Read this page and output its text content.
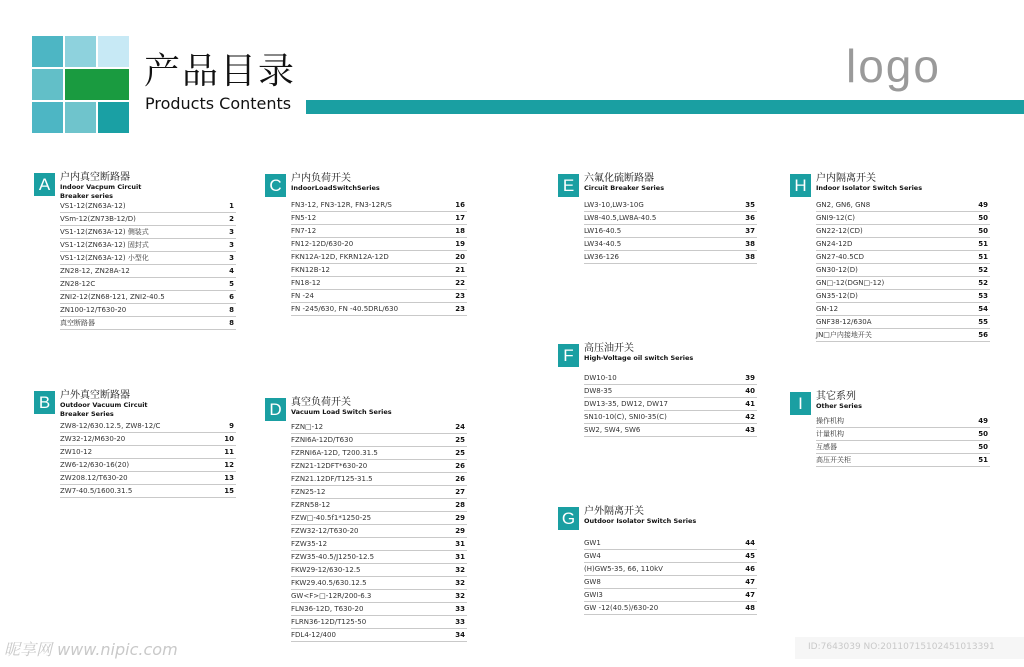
产品目录
Products Contents
logo
A 户内真空断路器
Indoor Vacpum Circuit Breaker series
VS1-12(ZN63A-12)	1
VSm-12(ZN73B-12/D)	2
VS1-12(ZN63A-12) 侧装式	3
VS1-12(ZN63A-12) 固封式	3
VS1-12(ZN63A-12) 小型化	3
ZN28-12, ZN28A-12	4
ZN28-12C	5
ZNI2-12(ZN68-121, ZNI2-40.5	6
ZN100-12/T630-20	8
真空断路器	8
B 户外真空断路器
Outdoor Vacuum Circuit Breaker Series
ZW8-12/630.12.5, ZW8-12/C	9
ZW32-12/M630-20	10
ZW10-12	11
ZW6-12/630-16(20)	12
ZW208.12/T630-20	13
ZW7-40.5/1600.31.5	15
C 户内负荷开关
IndoorLoadSwitchSeries
FN3-12, FN3-12R, FN3-12R/S	16
FN5-12	17
FN7-12	18
FN12-12D/630-20	19
FKN12A-12D, FKRN12A-12D	20
FKN12B-12	21
FN18-12	22
FN -24	23
FN -245/630, FN -40.5DRL/630	23
D 真空负荷开关
Vacuum Load Switch Series
FZN□-12	24
FZNI6A-12D/T630	25
FZRNI6A-12D, T200.31.5	25
FZN21-12DFT*630-20	26
FZN21.12DF/T125-31.5	26
FZN25-12	27
FZRN58-12	28
FZW□-40.5f1*1250-25	29
FZW32-12/T630-20	29
FZW35-12	31
FZW35-40.5/J1250-12.5	31
FKW29-12/630-12.5	32
FKW29.40.5/630.12.5	32
GW<F>□-12R/200-6.3	32
FLN36-12D, T630-20	33
FLRN36-12D/T125-50	33
FDL4-12/400	34
E 六氟化硫断路器
Circuit Breaker Series
LW3-10,LW3-10G	35
LW8-40.5,LW8A-40.5	36
LW16-40.5	37
LW34-40.5	38
LW36-126	38
F	高压油开关
High-Voltage oil switch Series
DW10-10	39
DW8-35	40
DW13-35, DW12, DW17	41
SN10-10(C), SNI0-35(C)	42
SW2, SW4, SW6	43
G 户外隔离开关
Outdoor Isolator Switch Series
GW1	44
GW4	45
(H)GW5-35, 66, 110kV	46
GW8	47
GWI3	47
GW -12(40.5)/630-20	48
H 户内隔离开关
Indoor Isolator Switch Series
GN2, GN6, GN8	49
GNI9-12(C)	50
GN22-12(CD)	50
GN24-12D	51
GN27-40.5CD	51
GN30-12(D)	52
GN□-12(DGN□-12)	52
GN35-12(D)	53
GN-12	54
GNF38-12/630A	55
JN□户内接地开关	56
I	其它系列
Other Series
操作机构	49
计量机构	50
互感器	50
高压开关柜	51
昵享网 www.nipic.com	ID:7643039 NO:20110715102451013391
